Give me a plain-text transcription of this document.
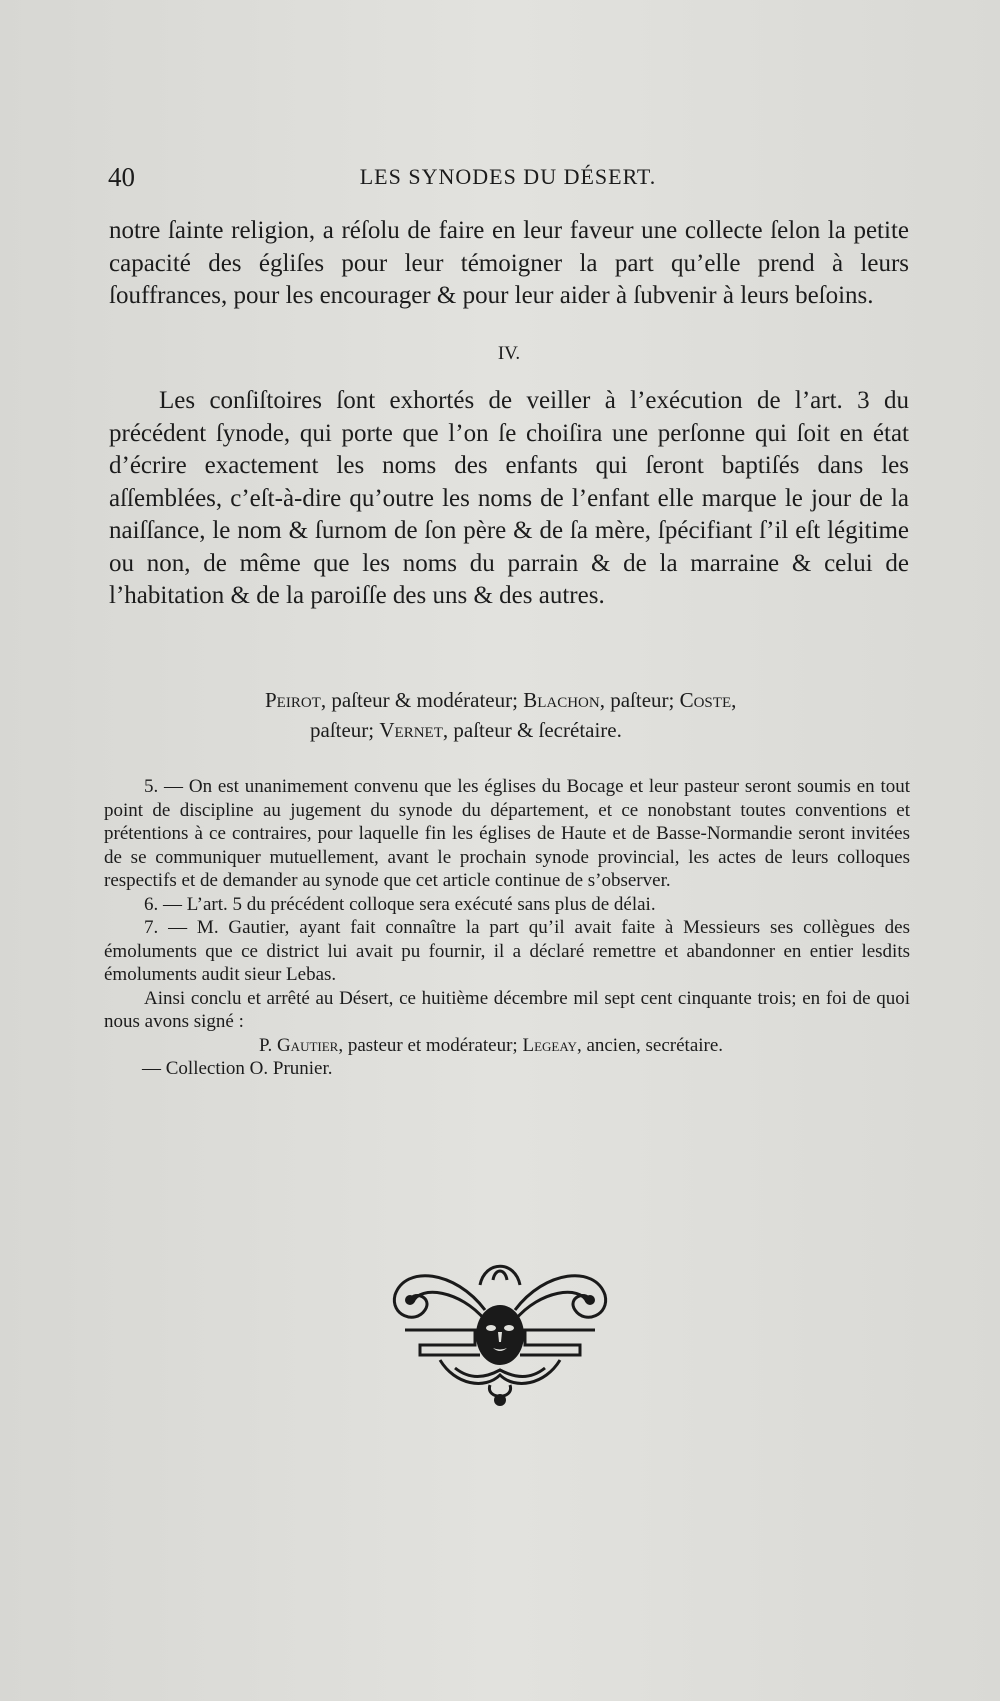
40	LES SYNODES DU DÉSERT.

notre ſainte religion, a réſolu de faire en leur faveur une collecte ſelon la petite capacité des égliſes pour leur témoigner la part qu’elle prend à leurs ſouffrances, pour les encourager & pour leur aider à ſubvenir à leurs beſoins.

IV.

Les conſiſtoires ſont exhortés de veiller à l’exécution de l’art. 3 du précédent ſynode, qui porte que l’on ſe choiſira une perſonne qui ſoit en état d’écrire exactement les noms des enfants qui ſeront baptiſés dans les aſſemblées, c’eſt-à-dire qu’outre les noms de l’enfant elle marque le jour de la naiſſance, le nom & ſurnom de ſon père & de ſa mère, ſpécifiant ſ’il eſt légitime ou non, de même que les noms du parrain & de la marraine & celui de l’habitation & de la paroiſſe des uns & des autres.

Peirot, paſteur & modérateur; Blachon, paſteur; Coste,
paſteur; Vernet, paſteur & ſecrétaire.

5. — On est unanimement convenu que les églises du Bocage et leur pasteur seront soumis en tout point de discipline au jugement du synode du département, et ce nonobstant toutes conventions et prétentions à ce contraires, pour laquelle fin les églises de Haute et de Basse-Normandie seront invitées de se communiquer mutuellement, avant le prochain synode provincial, les actes de leurs colloques respectifs et de demander au synode que cet article continue de s’observer.

6. — L’art. 5 du précédent colloque sera exécuté sans plus de délai.

7. — M. Gautier, ayant fait connaître la part qu’il avait faite à Messieurs ses collègues des émoluments que ce district lui avait pu fournir, il a déclaré remettre et abandonner en entier lesdits émoluments audit sieur Lebas.

Ainsi conclu et arrêté au Désert, ce huitième décembre mil sept cent cinquante trois; en foi de quoi nous avons signé :

P. Gautier, pasteur et modérateur; Legeay, ancien, secrétaire.

— Collection O. Prunier.
